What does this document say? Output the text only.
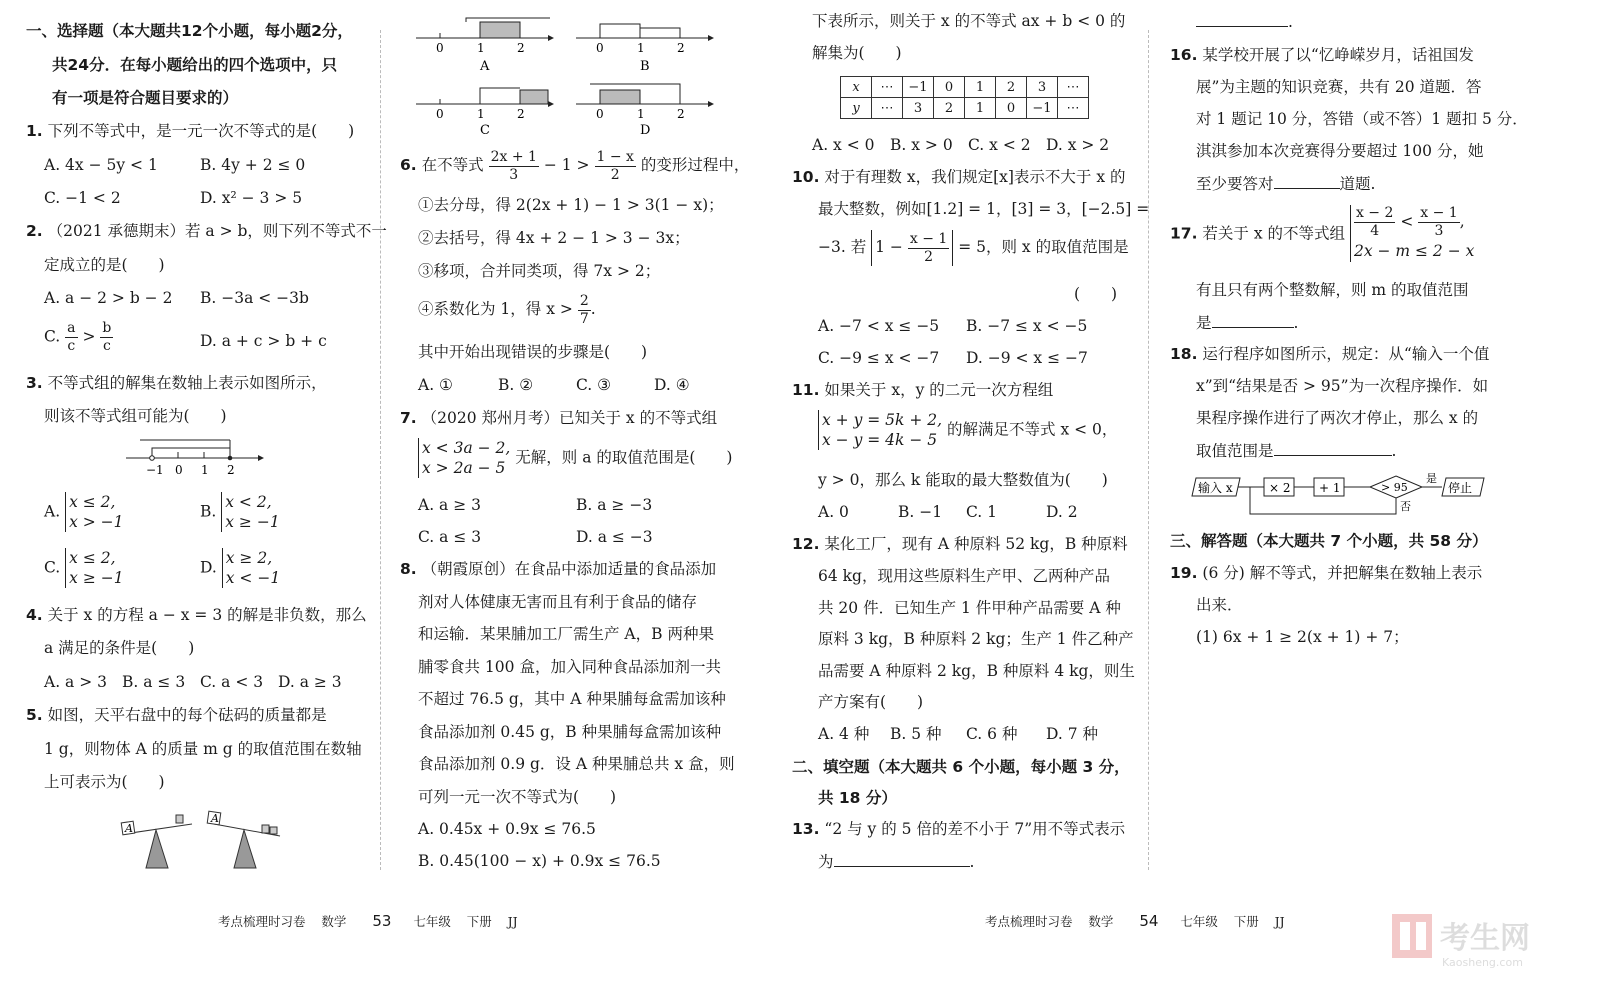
一、选择题（本大题共12个小题，每小题2分，
共24分．在每小题给出的四个选项中，只
有一项是符合题目要求的）
1. 下列不等式中，是一元一次不等式的是(　　)
A. 4x − 5y < 1	B. 4y + 2 ≤ 0
C. −1 < 2	D. x² − 3 > 5
2. （2021 承德期末）若 a > b，则下列不等式不一
定成立的是(　　)
A. a − 2 > b − 2 B. −3a < −3b
C. $\frac{a}{c} > \frac{b}{c}$	D. a + c > b + c
3. 不等式组的解集在数轴上表示如图所示，
则该不等式组可能为(　　)
−1 0 1 2
A.
x ≤ 2,
x > −1
B.
x < 2,
x ≥ −1
C.
x ≤ 2,
x ≥ −1
D.
x ≥ 2,
x < −1
4. 关于 x 的方程 a − x = 3 的解是非负数，那么
a 满足的条件是(　　)
A. a > 3 B. a ≤ 3 C. a < 3 D. a ≥ 3
5. 如图，天平右盘中的每个砝码的质量都是
1 g，则物体 A 的质量 m g 的取值范围在数轴
上可表示为(　　)
A
A
0	1	2
A
0	1	2
B
0	1	2
C
0	1	2
D
6. 在不等式 $\frac{2x + 1}{3} - 1 > \frac{1 - x}{2}$ 的变形过程中，
①去分母，得 2(2x + 1) − 1 > 3(1 − x)；
②去括号，得 4x + 2 − 1 > 3 − 3x；
③移项，合并同类项，得 7x > 2；
④系数化为 1，得 $x > \frac{2}{7}$ .
其中开始出现错误的步骤是(　　)
A. ①	B. ②	C. ③	D. ④
7. （2020 郑州月考）已知关于 x 的不等式组
x < 3a − 2,
x > 2a − 5
无解，则 a 的取值范围是(　　)
A. a ≥ 3	B. a ≥ −3
C. a ≤ 3	D. a ≤ −3
8. （朝霞原创）在食品中添加适量的食品添加
剂对人体健康无害而且有利于食品的储存
和运输．某果脯加工厂需生产 A，B 两种果
脯零食共 100 盒，加入同种食品添加剂一共
不超过 76.5 g，其中 A 种果脯每盒需加该种
食品添加剂 0.45 g，B 种果脯每盒需加该种
食品添加剂 0.9 g．设 A 种果脯总共 x 盒，则
可列一元一次不等式为(　　)
A. 0.45x + 0.9x ≤ 76.5
B. 0.45(100 − x) + 0.9x ≤ 76.5
考点梳理时习卷 数学 53 七年级 下册 JJ
下表所示，则关于 x 的不等式 ax + b < 0 的
解集为(　　)
x	⋯	−1	0	1	2	3	⋯
y	⋯	3	2	1	0	−1	⋯
A. x < 0 B. x > 0 C. x < 2 D. x > 2
10. 对于有理数 x，我们规定[x]表示不大于 x 的
最大整数，例如[1.2] = 1，[3] = 3，[−2.5] =
−3. 若 $1 - \frac{x - 1}{2} = 5$，则 x 的取值范围是
(　　)
A. −7 < x ≤ −5 B. −7 ≤ x < −5
C. −9 ≤ x < −7 D. −9 < x ≤ −7
11. 如果关于 x，y 的二元一次方程组
x + y = 5k + 2,
x − y = 4k − 5
的解满足不等式 x < 0，
y > 0，那么 k 能取的最大整数值为(　　)
A. 0	B. −1 C. 1	D. 2
12. 某化工厂，现有 A 种原料 52 kg，B 种原料
64 kg，现用这些原料生产甲、乙两种产品
共 20 件．已知生产 1 件甲种产品需要 A 种
原料 3 kg，B 种原料 2 kg；生产 1 件乙种产
品需要 A 种原料 2 kg，B 种原料 4 kg，则生
产方案有(　　)
A. 4 种 B. 5 种 C. 6 种 D. 7 种
二、填空题（本大题共 6 个小题，每小题 3 分，
共 18 分）
13. “2 与 y 的 5 倍的差不小于 7”用不等式表示
为	.
.
16. 某学校开展了以“忆峥嵘岁月，话祖国发
展”为主题的知识竞赛，共有 20 道题．答
对 1 题记 10 分，答错（或不答）1 题扣 5 分．
淇淇参加本次竞赛得分要超过 100 分，她
至少要答对	道题.
17. 若关于 x 的不等式组 $\frac{x - 2}{4} < \frac{x - 1}{3}$ ,
2x − m ≤ 2 − x
有且只有两个整数解，则 m 的取值范围
是	.
18. 运行程序如图所示，规定：从“输入一个值
x”到“结果是否 > 95”为一次程序操作．如
果程序操作进行了两次才停止，那么 x 的
取值范围是	.
输入 x	× 2 + 1	> 95
是
否
停止
三、解答题（本大题共 7 个小题，共 58 分）
19. (6 分) 解不等式，并把解集在数轴上表示
出来．
(1) 6x + 1 ≥ 2(x + 1) + 7；
考点梳理时习卷 数学 54 七年级 下册 JJ	考生网
Kaosheng.com
